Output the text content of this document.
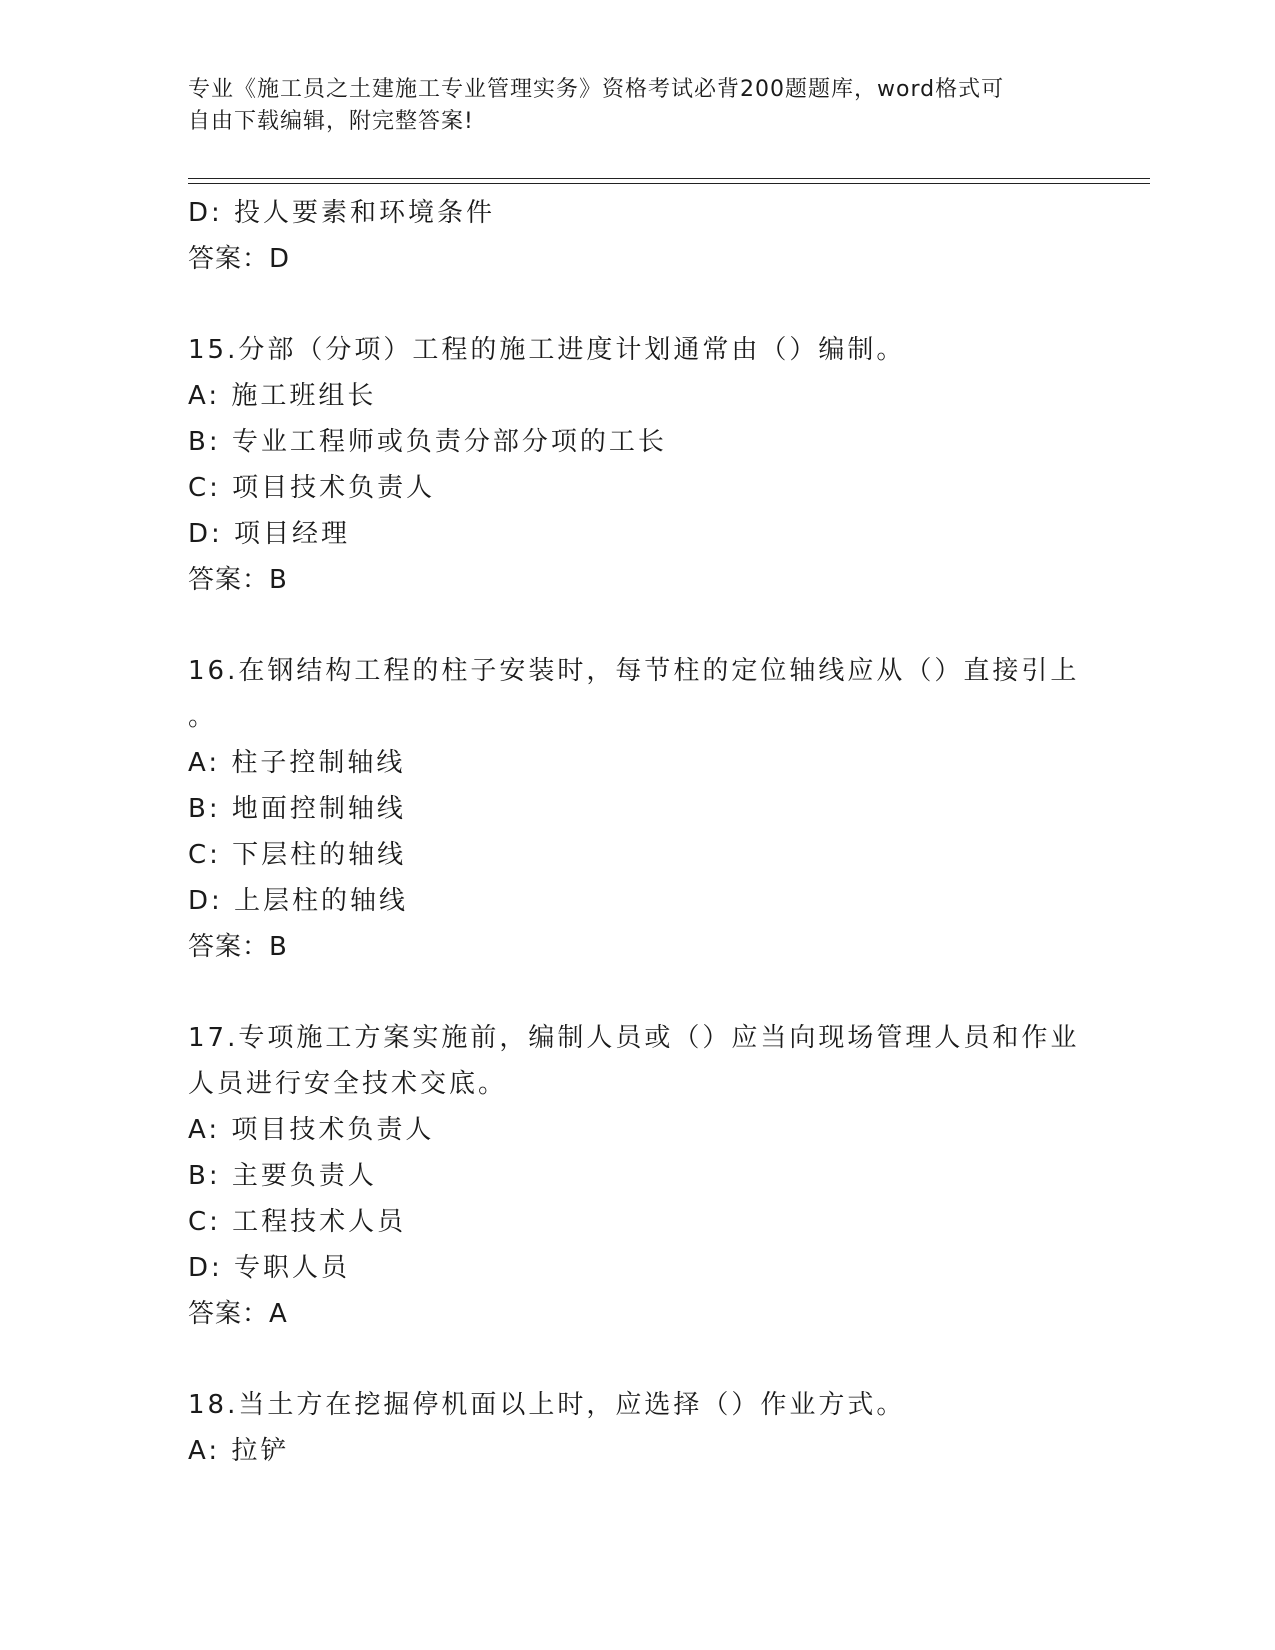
专业《施工员之土建施工专业管理实务》资格考试必背200题题库，word格式可
自由下载编辑，附完整答案!
D: 投人要素和环境条件
答案：D
15.分部（分项）工程的施工进度计划通常由（）编制。
A: 施工班组长
B: 专业工程师或负责分部分项的工长
C: 项目技术负责人
D: 项目经理
答案：B
16.在钢结构工程的柱子安装时，每节柱的定位轴线应从（）直接引上
。
A: 柱子控制轴线
B: 地面控制轴线
C: 下层柱的轴线
D: 上层柱的轴线
答案：B
17.专项施工方案实施前，编制人员或（）应当向现场管理人员和作业
人员进行安全技术交底。
A: 项目技术负责人
B: 主要负责人
C: 工程技术人员
D: 专职人员
答案：A
18.当土方在挖掘停机面以上时，应选择（）作业方式。
A: 拉铲
